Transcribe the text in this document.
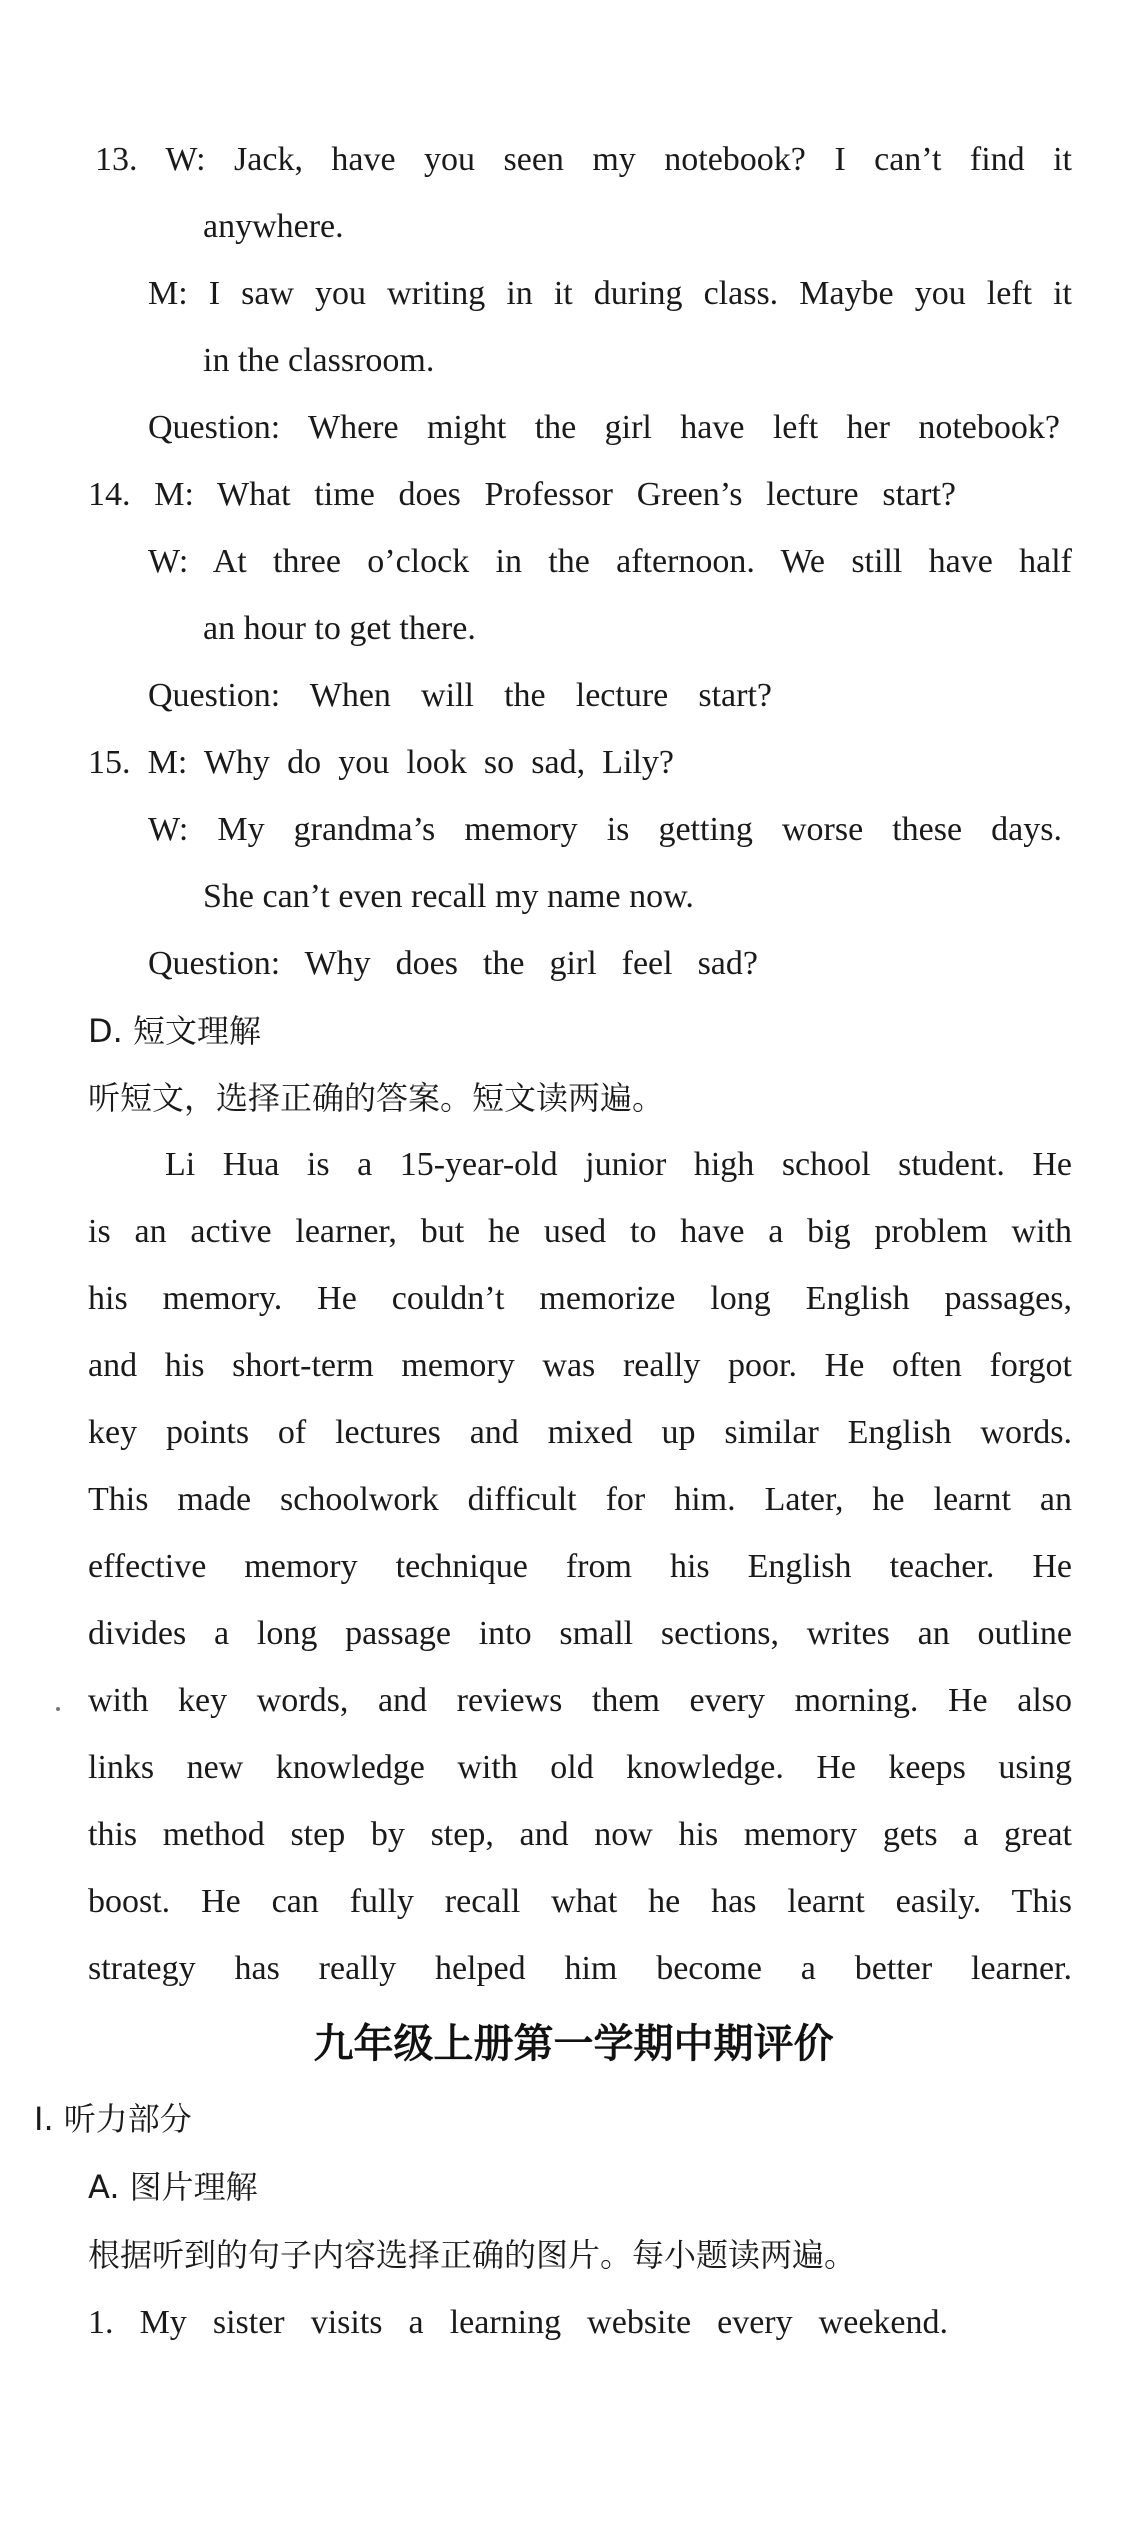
13. W: Jack, have you seen my notebook? I can’t find it
anywhere.
M: I saw you writing in it during class. Maybe you left it
in the classroom.
Question: Where might the girl have left her notebook?
14. M: What time does Professor Green’s lecture start?
W: At three o’clock in the afternoon. We still have half
an hour to get there.
Question: When will the lecture start?
15. M: Why do you look so sad, Lily?
W: My grandma’s memory is getting worse these days.
She can’t even recall my name now.
Question: Why does the girl feel sad?
D. 短文理解
听短文，选择正确的答案。短文读两遍。
Li Hua is a 15-year-old junior high school student. He
is an active learner, but he used to have a big problem with
his memory. He couldn’t memorize long English passages,
and his short-term memory was really poor. He often forgot
key points of lectures and mixed up similar English words.
This made schoolwork difficult for him. Later, he learnt an
effective memory technique from his English teacher. He
divides a long passage into small sections, writes an outline
with key words, and reviews them every morning. He also
links new knowledge with old knowledge. He keeps using
this method step by step, and now his memory gets a great
boost. He can fully recall what he has learnt easily. This
strategy has really helped him become a better learner.
九年级上册第一学期中期评价
Ⅰ. 听力部分
A. 图片理解
根据听到的句子内容选择正确的图片。每小题读两遍。
1. My sister visits a learning website every weekend.
